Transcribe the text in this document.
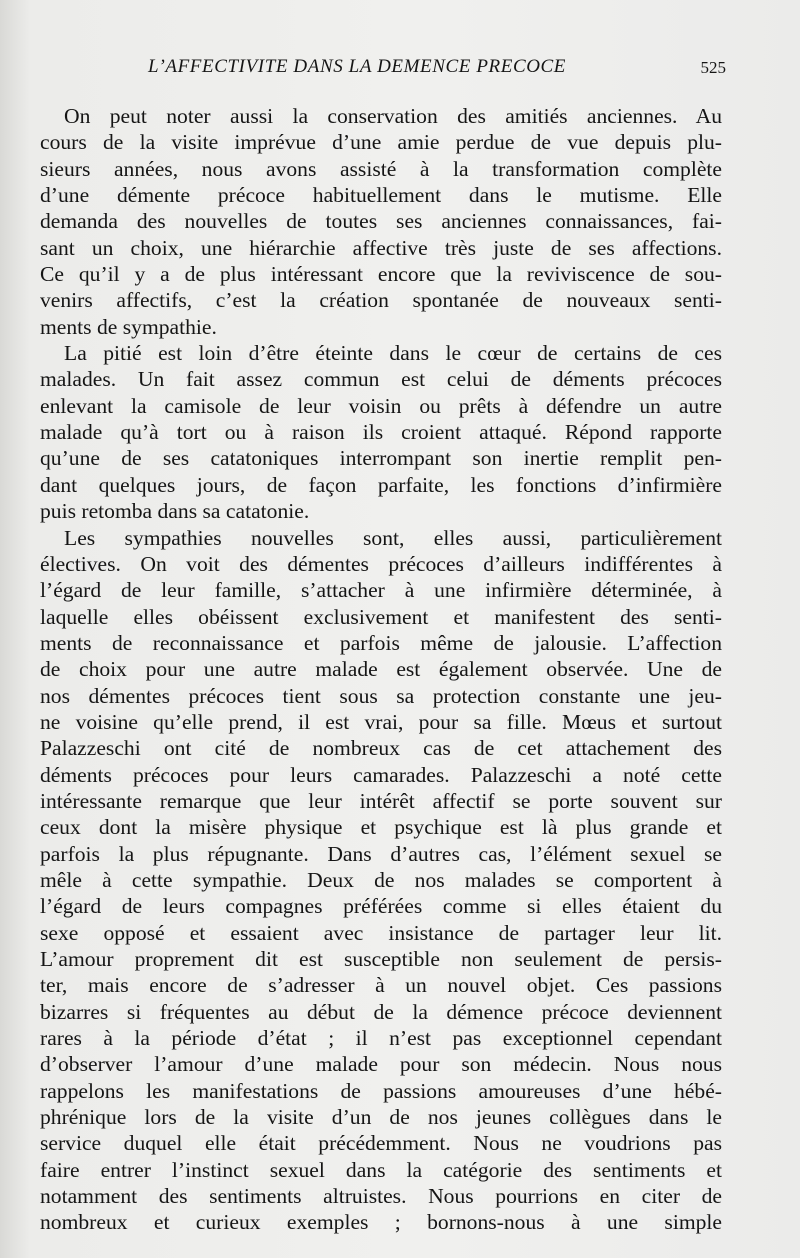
L’AFFECTIVITE DANS LA DEMENCE PRECOCE	525
On peut noter aussi la conservation des amitiés anciennes. Au
cours de la visite imprévue d’une amie perdue de vue depuis plu-
sieurs années, nous avons assisté à la transformation complète
d’une démente précoce habituellement dans le mutisme. Elle
demanda des nouvelles de toutes ses anciennes connaissances, fai-
sant un choix, une hiérarchie affective très juste de ses affections.
Ce qu’il y a de plus intéressant encore que la reviviscence de sou-
venirs affectifs, c’est la création spontanée de nouveaux senti-
ments de sympathie.
La pitié est loin d’être éteinte dans le cœur de certains de ces
malades. Un fait assez commun est celui de déments précoces
enlevant la camisole de leur voisin ou prêts à défendre un autre
malade qu’à tort ou à raison ils croient attaqué. Répond rapporte
qu’une de ses catatoniques interrompant son inertie remplit pen-
dant quelques jours, de façon parfaite, les fonctions d’infirmière
puis retomba dans sa catatonie.
Les sympathies nouvelles sont, elles aussi, particulièrement
électives. On voit des démentes précoces d’ailleurs indifférentes à
l’égard de leur famille, s’attacher à une infirmière déterminée, à
laquelle elles obéissent exclusivement et manifestent des senti-
ments de reconnaissance et parfois même de jalousie. L’affection
de choix pour une autre malade est également observée. Une de
nos démentes précoces tient sous sa protection constante une jeu-
ne voisine qu’elle prend, il est vrai, pour sa fille. Mœus et surtout
Palazzeschi ont cité de nombreux cas de cet attachement des
déments précoces pour leurs camarades. Palazzeschi a noté cette
intéressante remarque que leur intérêt affectif se porte souvent sur
ceux dont la misère physique et psychique est là plus grande et
parfois la plus répugnante. Dans d’autres cas, l’élément sexuel se
mêle à cette sympathie. Deux de nos malades se comportent à
l’égard de leurs compagnes préférées comme si elles étaient du
sexe opposé et essaient avec insistance de partager leur lit.
L’amour proprement dit est susceptible non seulement de persis-
ter, mais encore de s’adresser à un nouvel objet. Ces passions
bizarres si fréquentes au début de la démence précoce deviennent
rares à la période d’état ; il n’est pas exceptionnel cependant
d’observer l’amour d’une malade pour son médecin. Nous nous
rappelons les manifestations de passions amoureuses d’une hébé-
phrénique lors de la visite d’un de nos jeunes collègues dans le
service duquel elle était précédemment. Nous ne voudrions pas
faire entrer l’instinct sexuel dans la catégorie des sentiments et
notamment des sentiments altruistes. Nous pourrions en citer de
nombreux et curieux exemples ; bornons-nous à une simple
